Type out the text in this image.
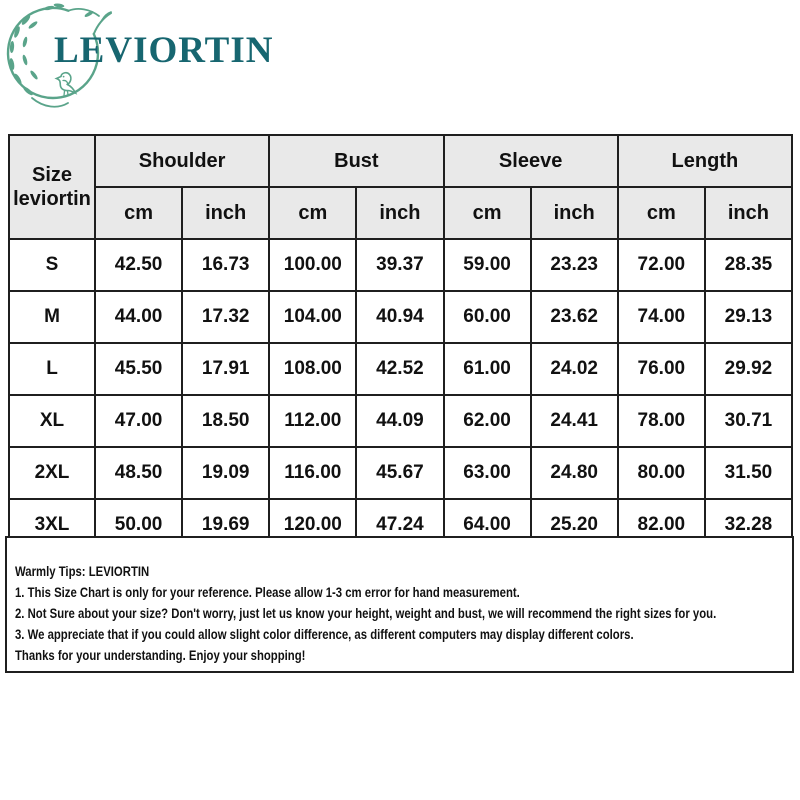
LEVIORTIN
Size
leviortin	Shoulder		Bust		Sleeve		Length	
	cm	inch	cm	inch	cm	inch	cm	inch
S	42.50	16.73	100.00	39.37	59.00	23.23	72.00	28.35
M	44.00	17.32	104.00	40.94	60.00	23.62	74.00	29.13
L	45.50	17.91	108.00	42.52	61.00	24.02	76.00	29.92
XL	47.00	18.50	112.00	44.09	62.00	24.41	78.00	30.71
2XL	48.50	19.09	116.00	45.67	63.00	24.80	80.00	31.50
3XL	50.00	19.69	120.00	47.24	64.00	25.20	82.00	32.28
Warmly Tips: LEVIORTIN
1. This Size Chart is only for your reference. Please allow 1-3 cm error for hand measurement.
2. Not Sure about your size? Don't worry, just let us know your height, weight and bust, we will recommend the right sizes for you.
3. We appreciate that if you could allow slight color difference, as different computers may display different colors.
Thanks for your understanding. Enjoy your shopping!
